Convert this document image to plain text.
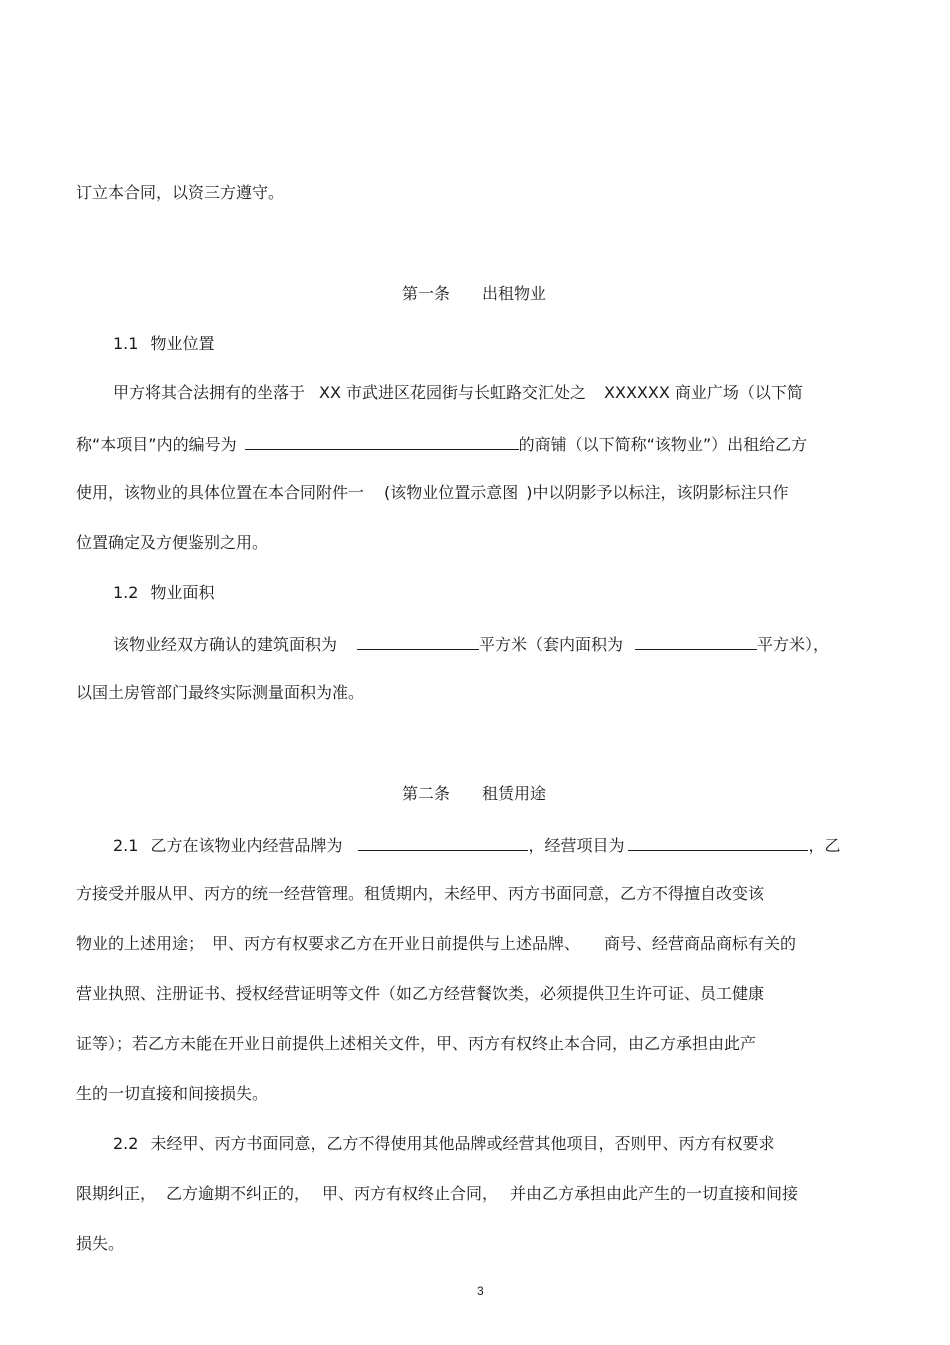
订立本合同，以资三方遵守。
第一条 出租物业
1.1 物业位置
甲方将其合法拥有的坐落于 XX 市武进区花园街与长虹路交汇处之 XXXXXX 商业广场（以下简
称“本项目”内的编号为	的商铺（以下简称“该物业”）出租给乙方
使用，该物业的具体位置在本合同附件一 (该物业位置示意图 )中以阴影予以标注，该阴影标注只作
位置确定及方便鉴别之用。
1.2 物业面积
该物业经双方确认的建筑面积为	平方米（套内面积为	平方米），
以国土房管部门最终实际测量面积为准。
第二条 租赁用途
2.1 乙方在该物业内经营品牌为	，经营项目为	，乙
方接受并服从甲、丙方的统一经营管理。租赁期内，未经甲、丙方书面同意，乙方不得擅自改变该
物业的上述用途； 甲、丙方有权要求乙方在开业日前提供与上述品牌、 商号、经营商品商标有关的
营业执照、注册证书、授权经营证明等文件（如乙方经营餐饮类，必须提供卫生许可证、员工健康
证等）；若乙方未能在开业日前提供上述相关文件，甲、丙方有权终止本合同，由乙方承担由此产
生的一切直接和间接损失。
2.2 未经甲、丙方书面同意，乙方不得使用其他品牌或经营其他项目，否则甲、丙方有权要求
限期纠正， 乙方逾期不纠正的， 甲、丙方有权终止合同， 并由乙方承担由此产生的一切直接和间接
损失。
3
